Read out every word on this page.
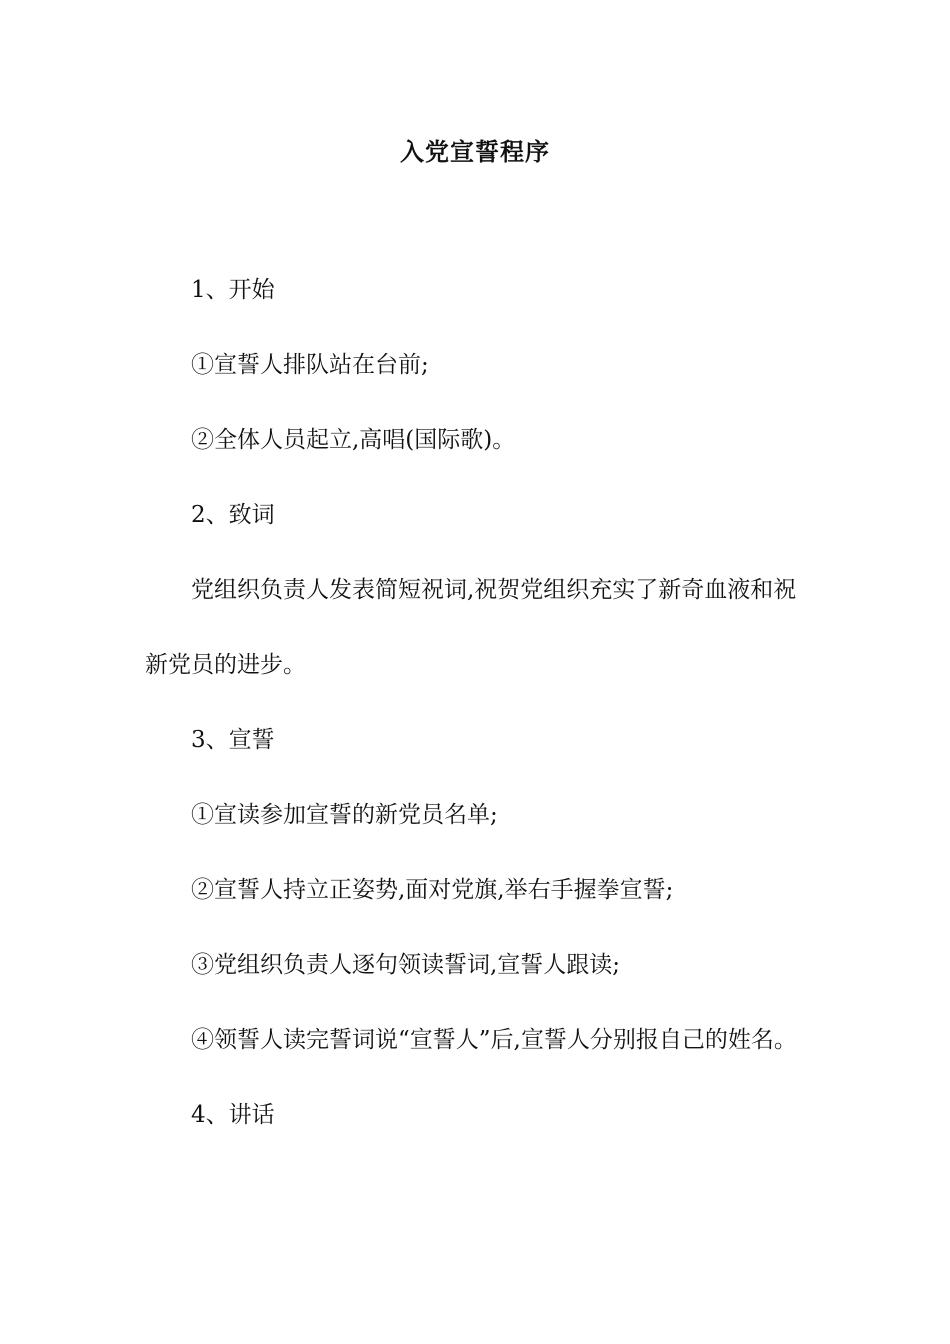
入党宣誓程序

1、开始

①宣誓人排队站在台前;

②全体人员起立,高唱(国际歌)。

2、致词

党组织负责人发表简短祝词,祝贺党组织充实了新奇血液和祝新党员的进步。

3、宣誓

①宣读参加宣誓的新党员名单;

②宣誓人持立正姿势,面对党旗,举右手握拳宣誓;

③党组织负责人逐句领读誓词,宣誓人跟读;

④领誓人读完誓词说“宣誓人”后,宣誓人分别报自己的姓名。

4、讲话
